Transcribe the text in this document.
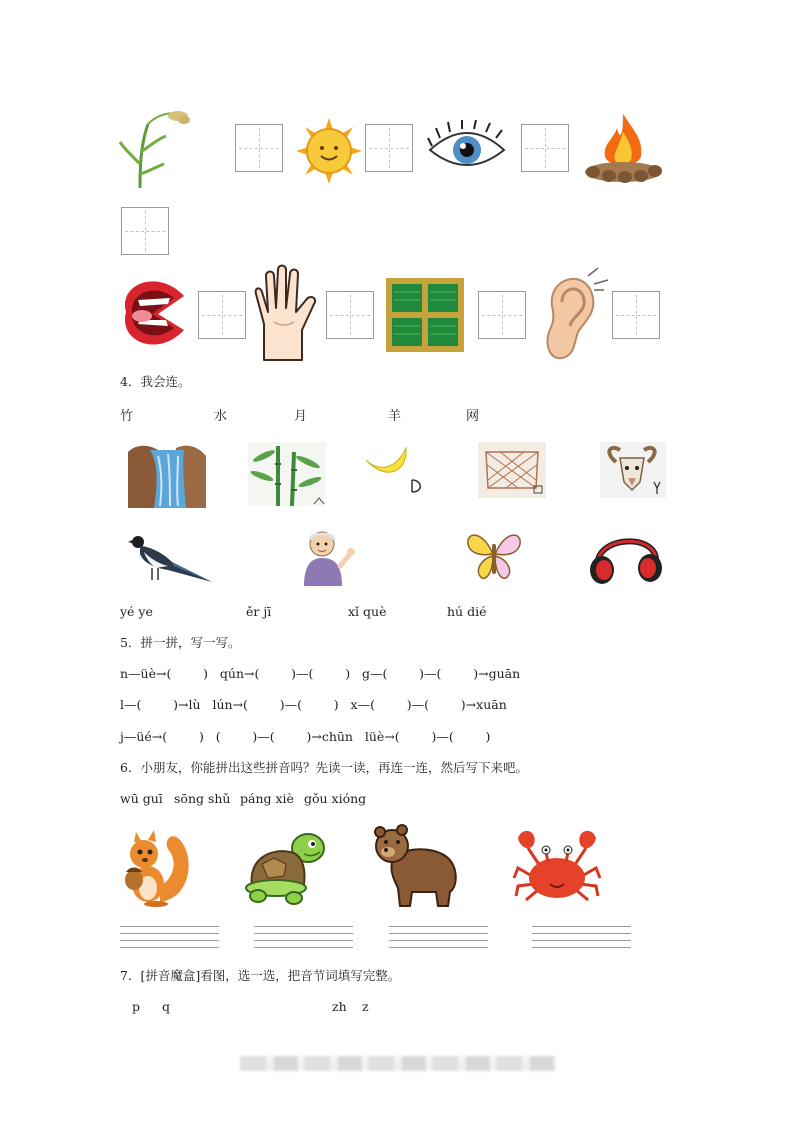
4．我会连。
竹	水	月	羊	网
yé ye	ěr jī	xǐ què	hú dié
5．拼一拼，写一写。
n—üè→(        )   qún→(        )—(        )   g—(        )—(        )→guān
l—(        )→lù   lún→(        )—(        )   x—(        )—(        )→xuān
j—üé→(        )   (        )—(        )→chūn   lüè→(        )—(        )
6．小朋友，你能拼出这些拼音吗？先读一读，再连一连，然后写下来吧。
wū guī sōng shǔ páng xiè gǒu xióng
7．[拼音魔盒]看图，选一选，把音节词填写完整。
p q	zh z
